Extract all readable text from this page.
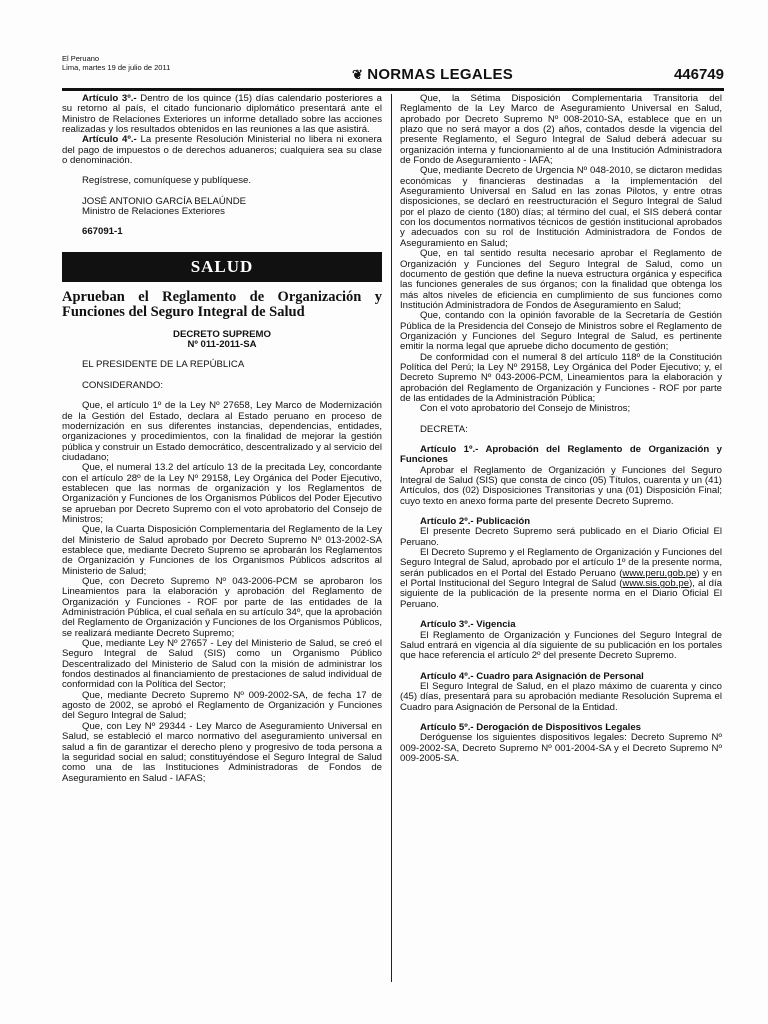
El Peruano
Lima, martes 19 de julio de 2011	❦ NORMAS LEGALES	446749

Artículo 3º.- Dentro de los quince (15) días calendario posteriores a su retorno al país, el citado funcionario diplomático presentará ante el Ministro de Relaciones Exteriores un informe detallado sobre las acciones realizadas y los resultados obtenidos en las reuniones a las que asistirá.

Artículo 4º.- La presente Resolución Ministerial no libera ni exonera del pago de impuestos o de derechos aduaneros; cualquiera sea su clase o denominación.

Regístrese, comuníquese y publíquese.

JOSÉ ANTONIO GARCÍA BELAÚNDE

Ministro de Relaciones Exteriores

667091-1

SALUD
Aprueban el Reglamento de Organización y Funciones del Seguro Integral de Salud

DECRETO SUPREMO

Nº 011-2011-SA

EL PRESIDENTE DE LA REPÚBLICA

CONSIDERANDO:

Que, el artículo 1º de la Ley Nº 27658, Ley Marco de Modernización de la Gestión del Estado, declara al Estado peruano en proceso de modernización en sus diferentes instancias, dependencias, entidades, organizaciones y procedimientos, con la finalidad de mejorar la gestión pública y construir un Estado democrático, descentralizado y al servicio del ciudadano;

Que, el numeral 13.2 del artículo 13 de la precitada Ley, concordante con el artículo 28º de la Ley Nº 29158, Ley Orgánica del Poder Ejecutivo, establecen que las normas de organización y los Reglamentos de Organización y Funciones de los Organismos Públicos del Poder Ejecutivo se aprueban por Decreto Supremo con el voto aprobatorio del Consejo de Ministros;

Que, la Cuarta Disposición Complementaria del Reglamento de la Ley del Ministerio de Salud aprobado por Decreto Supremo Nº 013-2002-SA establece que, mediante Decreto Supremo se aprobarán los Reglamentos de Organización y Funciones de los Organismos Públicos adscritos al Ministerio de Salud;

Que, con Decreto Supremo Nº 043-2006-PCM se aprobaron los Lineamientos para la elaboración y aprobación del Reglamento de Organización y Funciones - ROF por parte de las entidades de la Administración Pública, el cual señala en su artículo 34º, que la aprobación del Reglamento de Organización y Funciones de los Organismos Públicos, se realizará mediante Decreto Supremo;

Que, mediante Ley Nº 27657 - Ley del Ministerio de Salud, se creó el Seguro Integral de Salud (SIS) como un Organismo Público Descentralizado del Ministerio de Salud con la misión de administrar los fondos destinados al financiamiento de prestaciones de salud individual de conformidad con la Política del Sector;

Que, mediante Decreto Supremo Nº 009-2002-SA, de fecha 17 de agosto de 2002, se aprobó el Reglamento de Organización y Funciones del Seguro Integral de Salud;

Que, con Ley Nº 29344 - Ley Marco de Aseguramiento Universal en Salud, se estableció el marco normativo del aseguramiento universal en salud a fin de garantizar el derecho pleno y progresivo de toda persona a la seguridad social en salud; constituyéndose el Seguro Integral de Salud como una de las Instituciones Administradoras de Fondos de Aseguramiento en Salud - IAFAS;

Que, la Sétima Disposición Complementaria Transitoria del Reglamento de la Ley Marco de Aseguramiento Universal en Salud, aprobado por Decreto Supremo Nº 008-2010-SA, establece que en un plazo que no será mayor a dos (2) años, contados desde la vigencia del presente Reglamento, el Seguro Integral de Salud deberá adecuar su organización interna y funcionamiento al de una Institución Administradora de Fondo de Aseguramiento - IAFA;

Que, mediante Decreto de Urgencia Nº 048-2010, se dictaron medidas económicas y financieras destinadas a la implementación del Aseguramiento Universal en Salud en las zonas Pilotos, y entre otras disposiciones, se declaró en reestructuración el Seguro Integral de Salud por el plazo de ciento (180) días; al término del cual, el SIS deberá contar con los documentos normativos técnicos de gestión institucional aprobados y adecuados con su rol de Institución Administradora de Fondos de Aseguramiento en Salud;

Que, en tal sentido resulta necesario aprobar el Reglamento de Organización y Funciones del Seguro Integral de Salud, como un documento de gestión que define la nueva estructura orgánica y especifica las funciones generales de sus órganos; con la finalidad que obtenga los más altos niveles de eficiencia en cumplimiento de sus funciones como Institución Administradora de Fondos de Aseguramiento en Salud;

Que, contando con la opinión favorable de la Secretaría de Gestión Pública de la Presidencia del Consejo de Ministros sobre el Reglamento de Organización y Funciones del Seguro Integral de Salud, es pertinente emitir la norma legal que apruebe dicho documento de gestión;

De conformidad con el numeral 8 del artículo 118º de la Constitución Política del Perú; la Ley Nº 29158, Ley Orgánica del Poder Ejecutivo; y, el Decreto Supremo Nº 043-2006-PCM, Lineamientos para la elaboración y aprobación del Reglamento de Organización y Funciones - ROF por parte de las entidades de la Administración Pública;

Con el voto aprobatorio del Consejo de Ministros;

DECRETA:

Artículo 1º.- Aprobación del Reglamento de Organización y Funciones

Aprobar el Reglamento de Organización y Funciones del Seguro Integral de Salud (SIS) que consta de cinco (05) Títulos, cuarenta y un (41) Artículos, dos (02) Disposiciones Transitorias y una (01) Disposición Final; cuyo texto en anexo forma parte del presente Decreto Supremo.

Artículo 2º.- Publicación

El presente Decreto Supremo será publicado en el Diario Oficial El Peruano.

El Decreto Supremo y el Reglamento de Organización y Funciones del Seguro Integral de Salud, aprobado por el artículo 1º de la presente norma, serán publicados en el Portal del Estado Peruano (www.peru.gob.pe) y en el Portal Institucional del Seguro Integral de Salud (www.sis.gob.pe), al día siguiente de la publicación de la presente norma en el Diario Oficial El Peruano.

Artículo 3º.- Vigencia

El Reglamento de Organización y Funciones del Seguro Integral de Salud entrará en vigencia al día siguiente de su publicación en los portales que hace referencia el artículo 2º del presente Decreto Supremo.

Artículo 4º.- Cuadro para Asignación de Personal

El Seguro Integral de Salud, en el plazo máximo de cuarenta y cinco (45) días, presentará para su aprobación mediante Resolución Suprema el Cuadro para Asignación de Personal de la Entidad.

Artículo 5º.- Derogación de Dispositivos Legales

Deróguense los siguientes dispositivos legales: Decreto Supremo Nº 009-2002-SA, Decreto Supremo Nº 001-2004-SA y el Decreto Supremo Nº 009-2005-SA.
